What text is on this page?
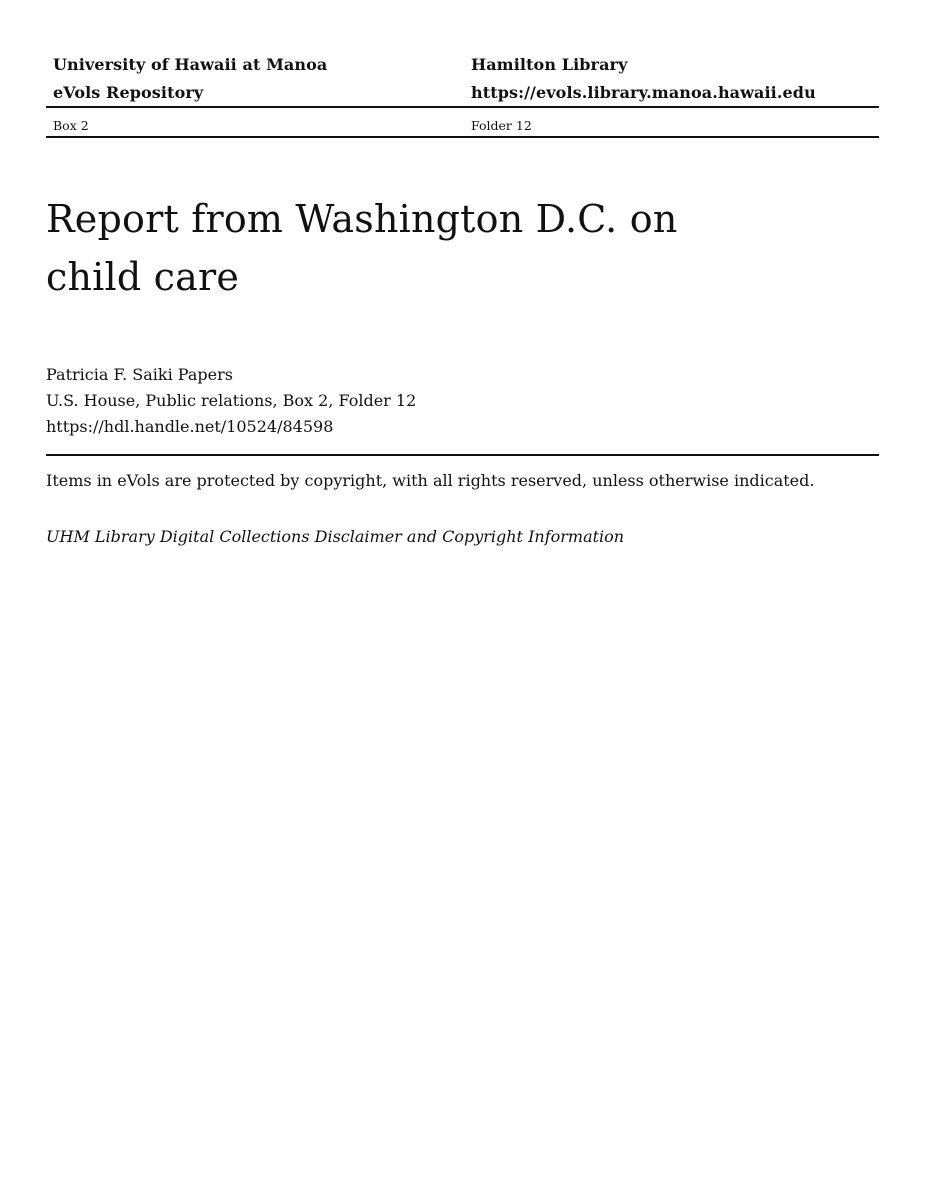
University of Hawaii at Manoa	Hamilton Library
eVols Repository	https://evols.library.manoa.hawaii.edu
Box 2	Folder 12
Report from Washington D.C. on
child care
Patricia F. Saiki Papers
U.S. House, Public relations, Box 2, Folder 12
https://hdl.handle.net/10524/84598
Items in eVols are protected by copyright, with all rights reserved, unless otherwise indicated.
UHM Library Digital Collections Disclaimer and Copyright Information
